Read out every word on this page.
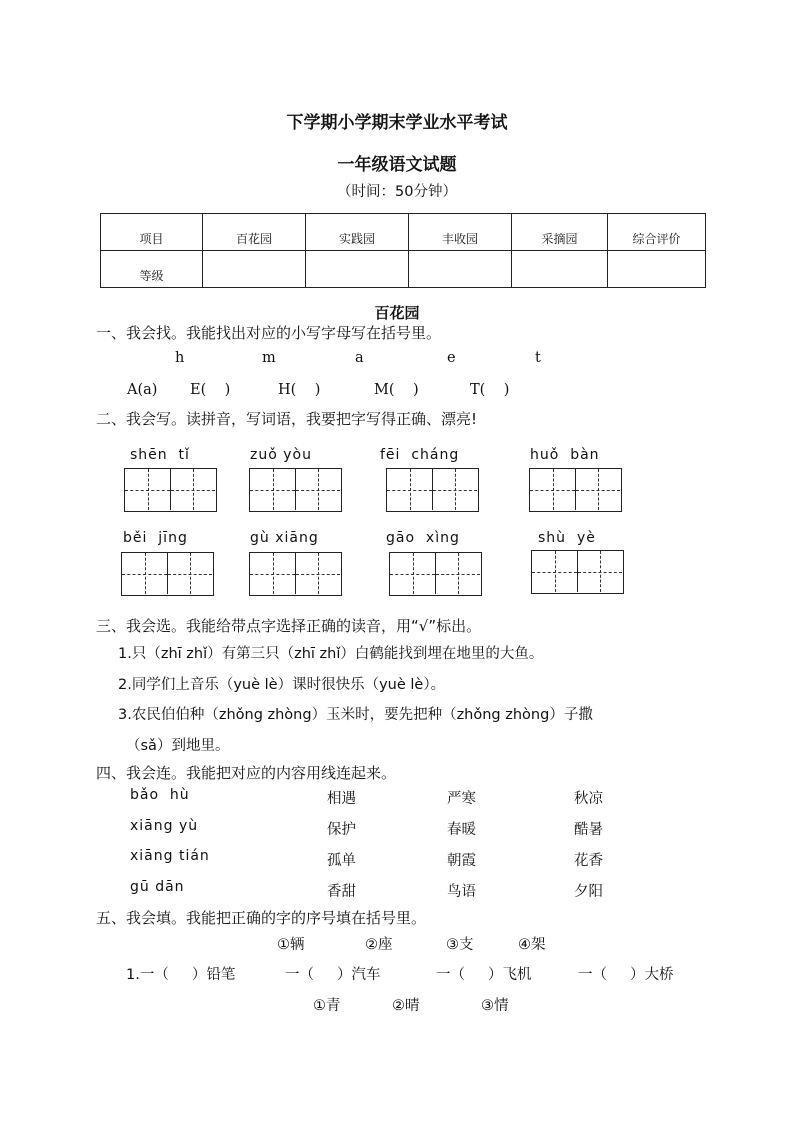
下学期小学期末学业水平考试
一年级语文试题
（时间：50分钟）
项目	百花园	实践园	丰收园	采摘园	综合评价
等级					
百花园
一、我会找。我能找出对应的小写字母写在括号里。
h	m	a	e	t
A(a) E(    )	H(    )	M(    )	T(    )
二、我会写。读拼音，写词语，我要把字写得正确、漂亮!
shēn  tǐ	zuǒ yòu	fēi  cháng	huǒ  bàn
běi  jīng	gù xiāng	gāo  xìng	shù  yè
三、我会选。我能给带点字选择正确的读音，用“√”标出。
1.只（zhī zhǐ）有第三只（zhī zhǐ）白鹤能找到埋在地里的大鱼。
2.同学们上音乐（yuè lè）课时很快乐（yuè lè）。
3.农民伯伯种（zhǒng zhòng）玉米时，要先把种（zhǒng zhòng）子撒
（sǎ）到地里。
四、我会连。我能把对应的内容用线连起来。
bǎo  hù	相遇	严寒	秋凉
xiāng yù	保护	春暖	酷暑
xiāng tián	孤单	朝霞	花香
gū dān	香甜	鸟语	夕阳
五、我会填。我能把正确的字的序号填在括号里。
①辆	②座	③支	④架
1.一（     ）铅笔	一（     ）汽车	一（     ）飞机	一（     ）大桥
①青	②晴	③情
